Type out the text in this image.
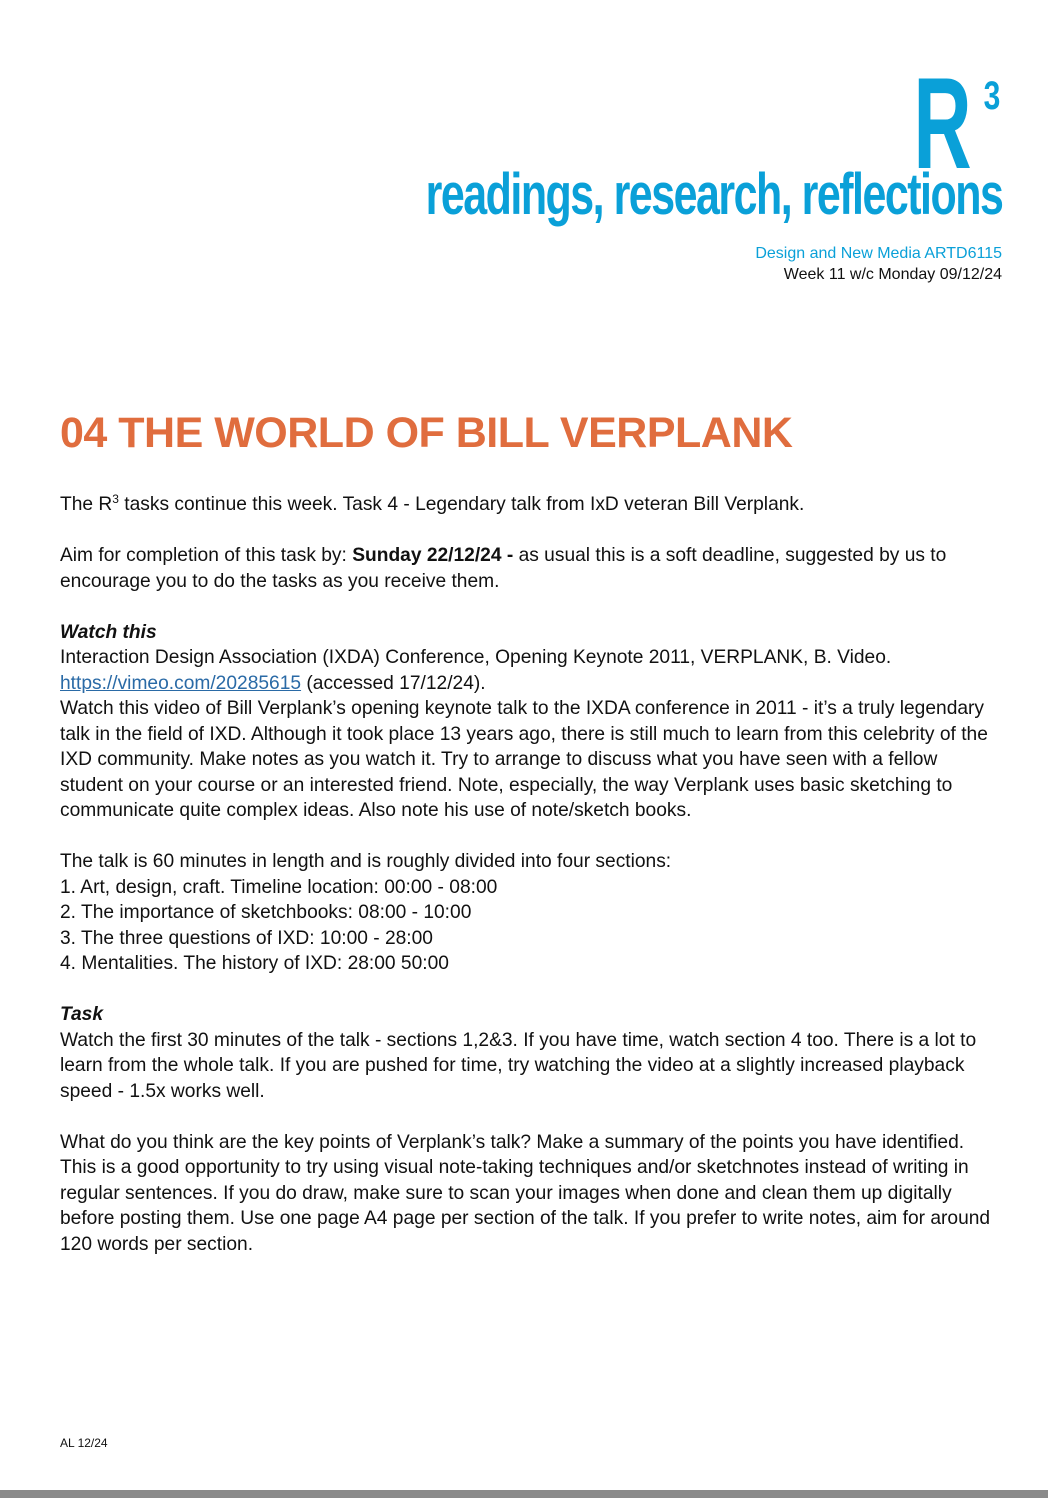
R 3
readings, research, reflections
Design and New Media ARTD6115
Week 11 w/c Monday 09/12/24
04 THE WORLD OF BILL VERPLANK

The $R^3$ tasks continue this week. Task 4 - Legendary talk from IxD veteran Bill Verplank.

Aim for completion of this task by: Sunday 22/12/24 - as usual this is a soft deadline, suggested by us to encourage you to do the tasks as you receive them.

Watch this

Interaction Design Association (IXDA) Conference, Opening Keynote 2011, VERPLANK, B. Video.

https://vimeo.com/20285615 (accessed 17/12/24).

Watch this video of Bill Verplank’s opening keynote talk to the IXDA conference in 2011 - it’s a truly legendary talk in the field of IXD. Although it took place 13 years ago, there is still much to learn from this celebrity of the IXD community. Make notes as you watch it. Try to arrange to discuss what you have seen with a fellow student on your course or an interested friend. Note, especially, the way Verplank uses basic sketching to communicate quite complex ideas. Also note his use of note/sketch books.

The talk is 60 minutes in length and is roughly divided into four sections:

1. Art, design, craft. Timeline location: 00:00 - 08:00

2. The importance of sketchbooks: 08:00 - 10:00

3. The three questions of IXD: 10:00 - 28:00

4. Mentalities. The history of IXD: 28:00 50:00

Task

Watch the first 30 minutes of the talk - sections 1,2&3. If you have time, watch section 4 too. There is a lot to learn from the whole talk. If you are pushed for time, try watching the video at a slightly increased playback speed - 1.5x works well.

What do you think are the key points of Verplank’s talk? Make a summary of the points you have identified. This is a good opportunity to try using visual note-taking techniques and/or sketchnotes instead of writing in regular sentences. If you do draw, make sure to scan your images when done and clean them up digitally before posting them. Use one page A4 page per section of the talk. If you prefer to write notes, aim for around 120 words per section.

AL 12/24
